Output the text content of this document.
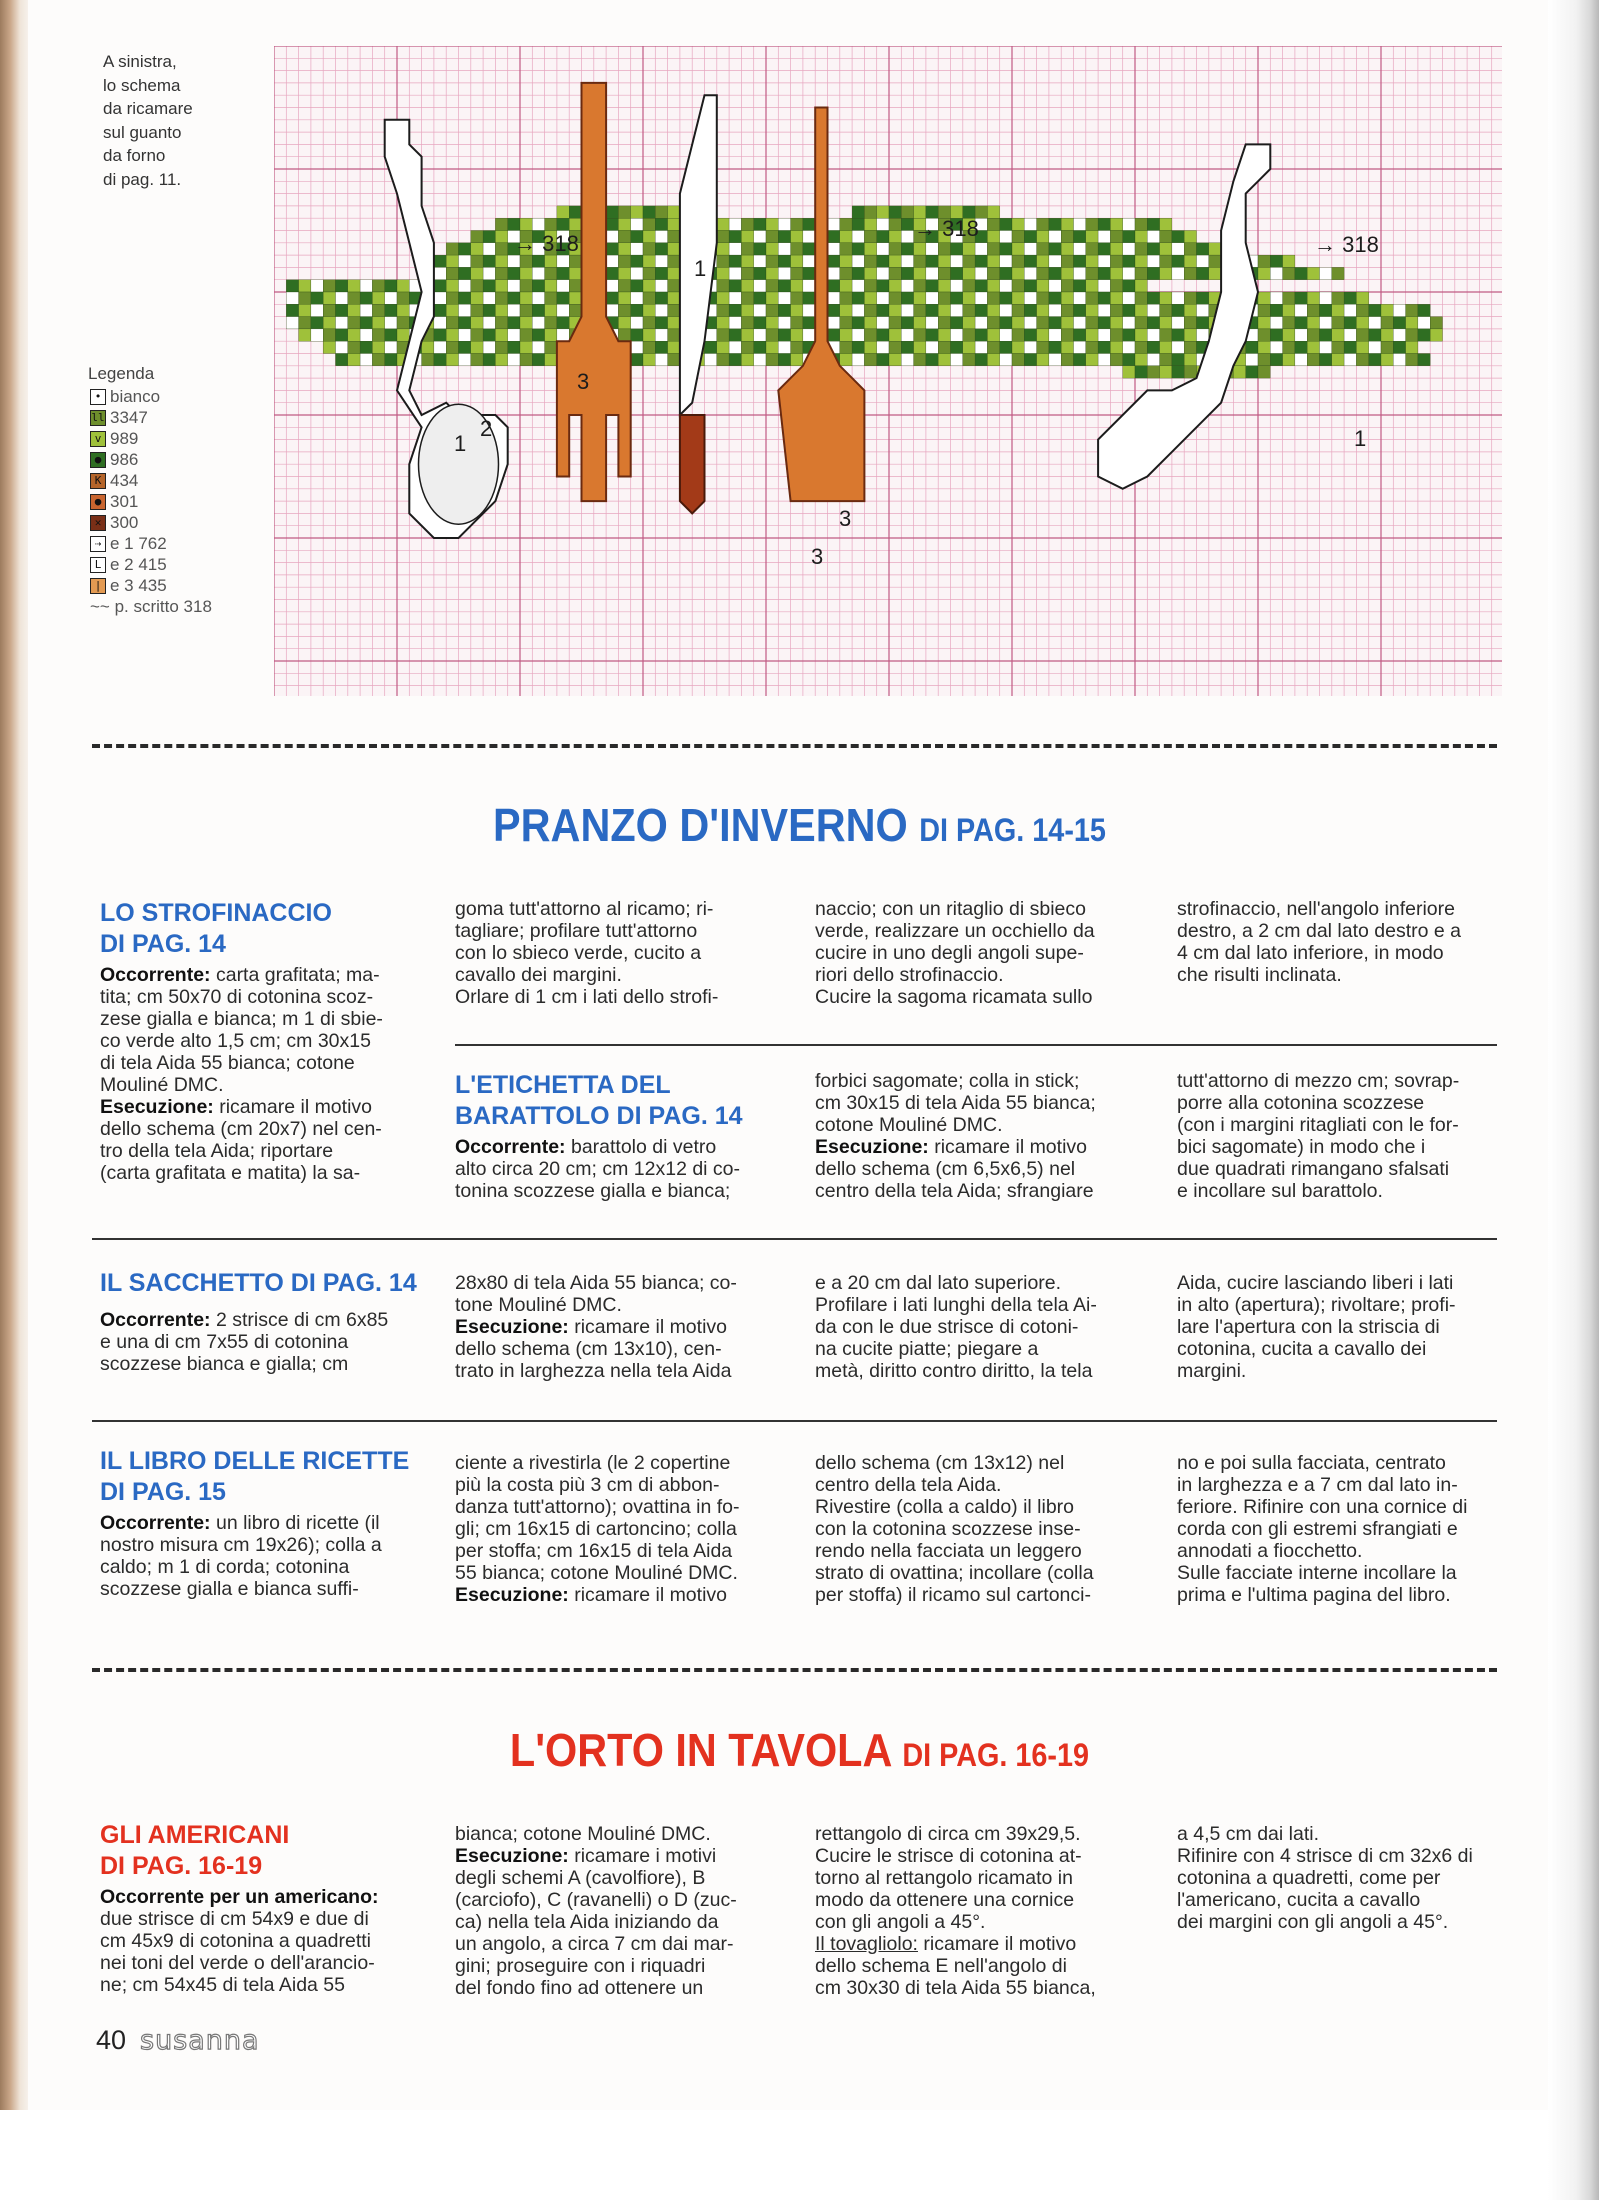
A sinistra,
lo schema
da ricamare
sul guanto
da forno
di pag. 11.
Legenda
• bianco
ll 3347
v 989
● 986
K 434
● 301
✕ 300
⇢ e 1 762
L e 2 415
| e 3 435
~~ p. scritto 318
1
2
3
3
3
1
1
→ 318
→ 318
→ 318
PRANZO D'INVERNO DI PAG. 14-15
LO STROFINACCIO
DI PAG. 14
Occorrente: carta grafitata; ma-
tita; cm 50x70 di cotonina scoz-
zese gialla e bianca; m 1 di sbie-
co verde alto 1,5 cm; cm 30x15
di tela Aida 55 bianca; cotone
Mouliné DMC.
Esecuzione: ricamare il motivo
dello schema (cm 20x7) nel cen-
tro della tela Aida; riportare
(carta grafitata e matita) la sa-
goma tutt'attorno al ricamo; ri-
tagliare; profilare tutt'attorno
con lo sbieco verde, cucito a
cavallo dei margini.
Orlare di 1 cm i lati dello strofi-
naccio; con un ritaglio di sbieco
verde, realizzare un occhiello da
cucire in uno degli angoli supe-
riori dello strofinaccio.
Cucire la sagoma ricamata sullo
strofinaccio, nell'angolo inferiore
destro, a 2 cm dal lato destro e a
4 cm dal lato inferiore, in modo
che risulti inclinata.
L'ETICHETTA DEL
BARATTOLO DI PAG. 14
Occorrente: barattolo di vetro
alto circa 20 cm; cm 12x12 di co-
tonina scozzese gialla e bianca;
forbici sagomate; colla in stick;
cm 30x15 di tela Aida 55 bianca;
cotone Mouliné DMC.
Esecuzione: ricamare il motivo
dello schema (cm 6,5x6,5) nel
centro della tela Aida; sfrangiare
tutt'attorno di mezzo cm; sovrap-
porre alla cotonina scozzese
(con i margini ritagliati con le for-
bici sagomate) in modo che i
due quadrati rimangano sfalsati
e incollare sul barattolo.
IL SACCHETTO DI PAG. 14
Occorrente: 2 strisce di cm 6x85
e una di cm 7x55 di cotonina
scozzese bianca e gialla; cm
28x80 di tela Aida 55 bianca; co-
tone Mouliné DMC.
Esecuzione: ricamare il motivo
dello schema (cm 13x10), cen-
trato in larghezza nella tela Aida
e a 20 cm dal lato superiore.
Profilare i lati lunghi della tela Ai-
da con le due strisce di cotoni-
na cucite piatte; piegare a
metà, diritto contro diritto, la tela
Aida, cucire lasciando liberi i lati
in alto (apertura); rivoltare; profi-
lare l'apertura con la striscia di
cotonina, cucita a cavallo dei
margini.
IL LIBRO DELLE RICETTE
DI PAG. 15
Occorrente: un libro di ricette (il
nostro misura cm 19x26); colla a
caldo; m 1 di corda; cotonina
scozzese gialla e bianca suffi-
ciente a rivestirla (le 2 copertine
più la costa più 3 cm di abbon-
danza tutt'attorno); ovattina in fo-
gli; cm 16x15 di cartoncino; colla
per stoffa; cm 16x15 di tela Aida
55 bianca; cotone Mouliné DMC.
Esecuzione: ricamare il motivo
dello schema (cm 13x12) nel
centro della tela Aida.
Rivestire (colla a caldo) il libro
con la cotonina scozzese inse-
rendo nella facciata un leggero
strato di ovattina; incollare (colla
per stoffa) il ricamo sul cartonci-
no e poi sulla facciata, centrato
in larghezza e a 7 cm dal lato in-
feriore. Rifinire con una cornice di
corda con gli estremi sfrangiati e
annodati a fiocchetto.
Sulle facciate interne incollare la
prima e l'ultima pagina del libro.
L'ORTO IN TAVOLA DI PAG. 16-19
GLI AMERICANI
DI PAG. 16-19
Occorrente per un americano:
due strisce di cm 54x9 e due di
cm 45x9 di cotonina a quadretti
nei toni del verde o dell'arancio-
ne; cm 54x45 di tela Aida 55
bianca; cotone Mouliné DMC.
Esecuzione: ricamare i motivi
degli schemi A (cavolfiore), B
(carciofo), C (ravanelli) o D (zuc-
ca) nella tela Aida iniziando da
un angolo, a circa 7 cm dai mar-
gini; proseguire con i riquadri
del fondo fino ad ottenere un
rettangolo di circa cm 39x29,5.
Cucire le strisce di cotonina at-
torno al rettangolo ricamato in
modo da ottenere una cornice
con gli angoli a 45°.
Il tovagliolo: ricamare il motivo
dello schema E nell'angolo di
cm 30x30 di tela Aida 55 bianca,
a 4,5 cm dai lati.
Rifinire con 4 strisce di cm 32x6 di
cotonina a quadretti, come per
l'americano, cucita a cavallo
dei margini con gli angoli a 45°.
40 susanna
